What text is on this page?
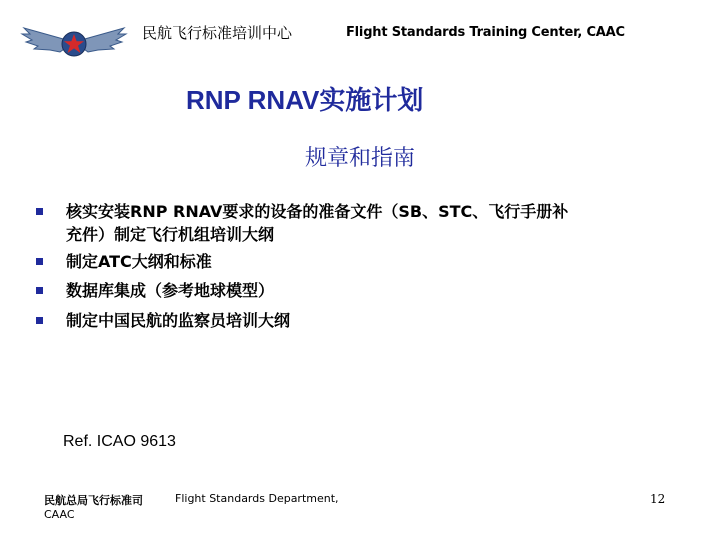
民航飞行标准培训中心	Flight Standards Training Center, CAAC
RNP RNAV实施计划
规章和指南
核实安装RNP RNAV要求的设备的准备文件（SB、STC、飞行手册补
充件）制定飞行机组培训大纲
制定ATC大纲和标准
数据库集成（参考地球模型）
制定中国民航的监察员培训大纲
Ref. ICAO 9613
民航总局飞行标准司	Flight Standards Department,
CAAC
12
